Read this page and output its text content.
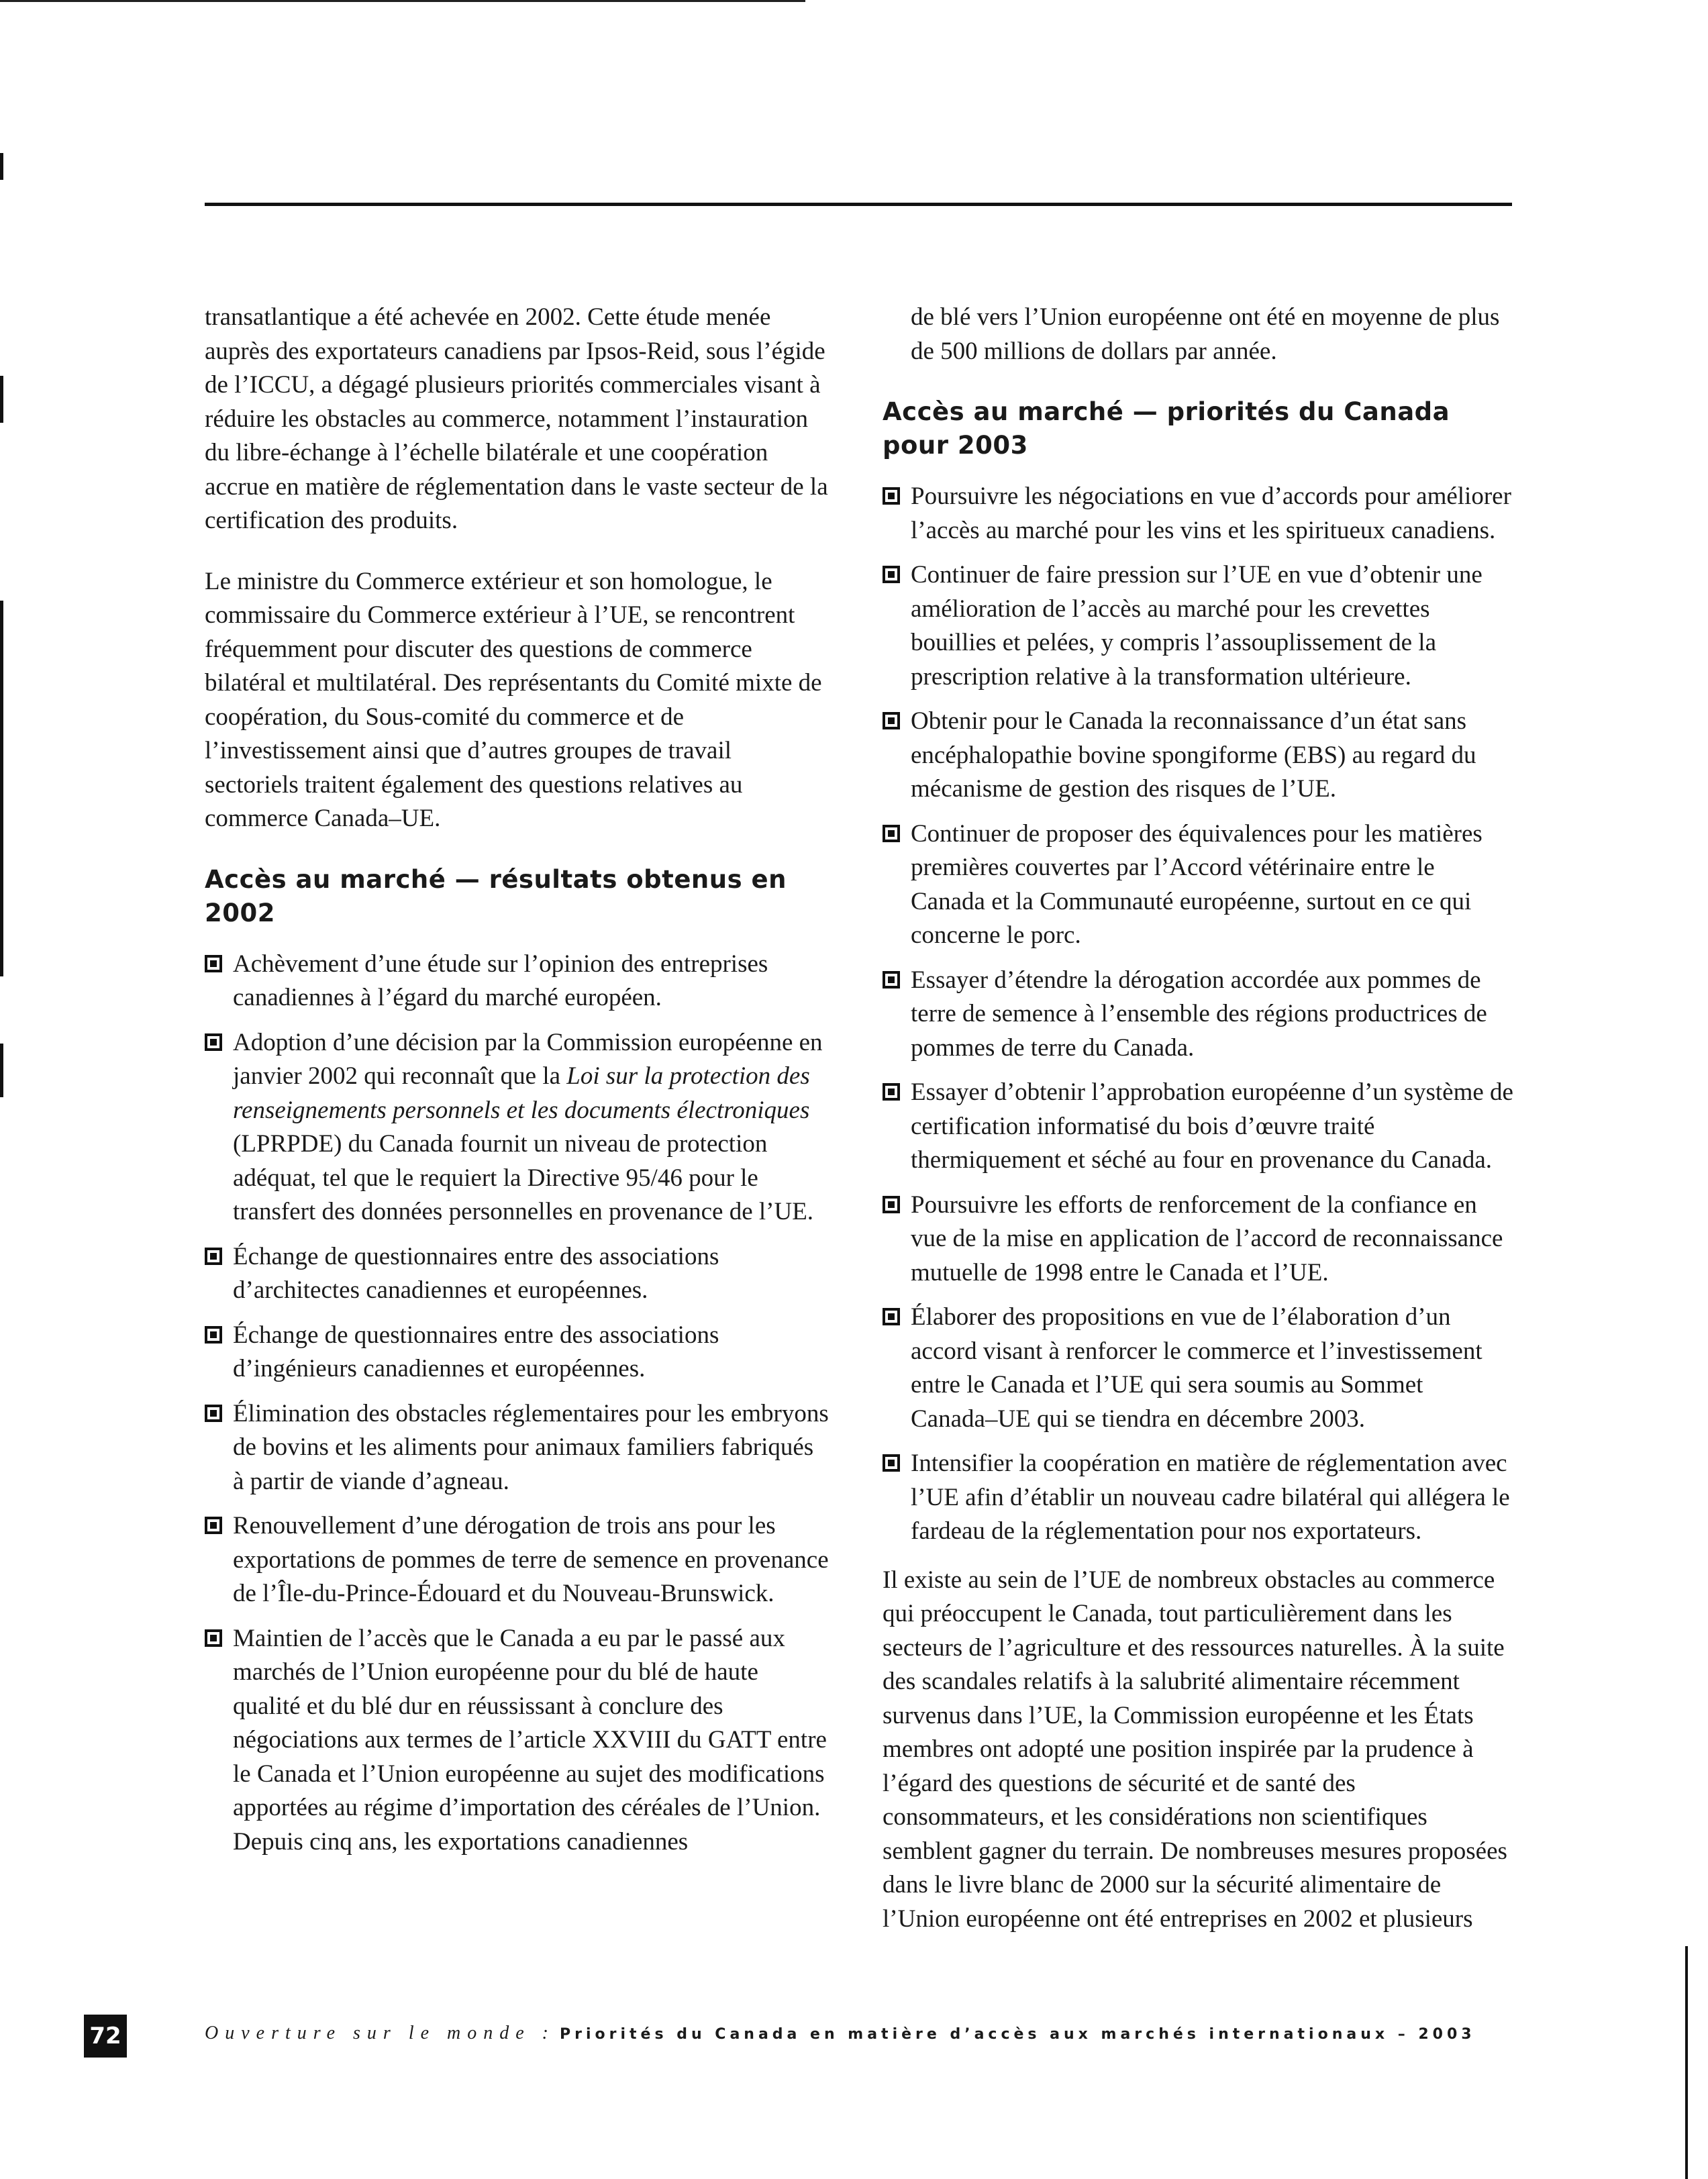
transatlantique a été achevée en 2002. Cette étude menée auprès des exportateurs canadiens par Ipsos-Reid, sous l’égide de l’ICCU, a dégagé plusieurs priorités commerciales visant à réduire les obstacles au commerce, notamment l’instauration du libre-échange à l’échelle bilatérale et une coopération accrue en matière de réglementation dans le vaste secteur de la certification des produits.

Le ministre du Commerce extérieur et son homologue, le commissaire du Commerce extérieur à l’UE, se rencontrent fréquemment pour discuter des questions de commerce bilatéral et multilatéral. Des représentants du Comité mixte de coopération, du Sous-comité du commerce et de l’investissement ainsi que d’autres groupes de travail sectoriels traitent également des questions relatives au commerce Canada–UE.

Accès au marché — résultats obtenus en 2002
Achèvement d’une étude sur l’opinion des entreprises canadiennes à l’égard du marché européen.
Adoption d’une décision par la Commission européenne en janvier 2002 qui reconnaît que la Loi sur la protection des renseignements personnels et les documents électroniques (LPRPDE) du Canada fournit un niveau de protection adéquat, tel que le requiert la Directive 95/46 pour le transfert des données personnelles en provenance de l’UE.
Échange de questionnaires entre des associations d’architectes canadiennes et européennes.
Échange de questionnaires entre des associations d’ingénieurs canadiennes et européennes.
Élimination des obstacles réglementaires pour les embryons de bovins et les aliments pour animaux familiers fabriqués à partir de viande d’agneau.
Renouvellement d’une dérogation de trois ans pour les exportations de pommes de terre de semence en provenance de l’Île-du-Prince-Édouard et du Nouveau-Brunswick.
Maintien de l’accès que le Canada a eu par le passé aux marchés de l’Union européenne pour du blé de haute qualité et du blé dur en réussissant à conclure des négociations aux termes de l’article XXVIII du GATT entre le Canada et l’Union européenne au sujet des modifications apportées au régime d’importation des céréales de l’Union. Depuis cinq ans, les exportations canadiennes

de blé vers l’Union européenne ont été en moyenne de plus de 500 millions de dollars par année.

Accès au marché — priorités du Canada pour 2003
Poursuivre les négociations en vue d’accords pour améliorer l’accès au marché pour les vins et les spiritueux canadiens.
Continuer de faire pression sur l’UE en vue d’obtenir une amélioration de l’accès au marché pour les crevettes bouillies et pelées, y compris l’assouplissement de la prescription relative à la transformation ultérieure.
Obtenir pour le Canada la reconnaissance d’un état sans encéphalopathie bovine spongiforme (EBS) au regard du mécanisme de gestion des risques de l’UE.
Continuer de proposer des équivalences pour les matières premières couvertes par l’Accord vétérinaire entre le Canada et la Communauté européenne, surtout en ce qui concerne le porc.
Essayer d’étendre la dérogation accordée aux pommes de terre de semence à l’ensemble des régions productrices de pommes de terre du Canada.
Essayer d’obtenir l’approbation européenne d’un système de certification informatisé du bois d’œuvre traité thermiquement et séché au four en provenance du Canada.
Poursuivre les efforts de renforcement de la confiance en vue de la mise en application de l’accord de reconnaissance mutuelle de 1998 entre le Canada et l’UE.
Élaborer des propositions en vue de l’élaboration d’un accord visant à renforcer le commerce et l’investissement entre le Canada et l’UE qui sera soumis au Sommet Canada–UE qui se tiendra en décembre 2003.
Intensifier la coopération en matière de réglementation avec l’UE afin d’établir un nouveau cadre bilatéral qui allégera le fardeau de la réglementation pour nos exportateurs.

Il existe au sein de l’UE de nombreux obstacles au commerce qui préoccupent le Canada, tout particulièrement dans les secteurs de l’agriculture et des ressources naturelles. À la suite des scandales relatifs à la salubrité alimentaire récemment survenus dans l’UE, la Commission européenne et les États membres ont adopté une position inspirée par la prudence à l’égard des questions de sécurité et de santé des consommateurs, et les considérations non scientifiques semblent gagner du terrain. De nombreuses mesures proposées dans le livre blanc de 2000 sur la sécurité alimentaire de l’Union européenne ont été entreprises en 2002 et plusieurs

72	Ouverture sur le monde : Priorités du Canada en matière d’accès aux marchés internationaux – 2003
